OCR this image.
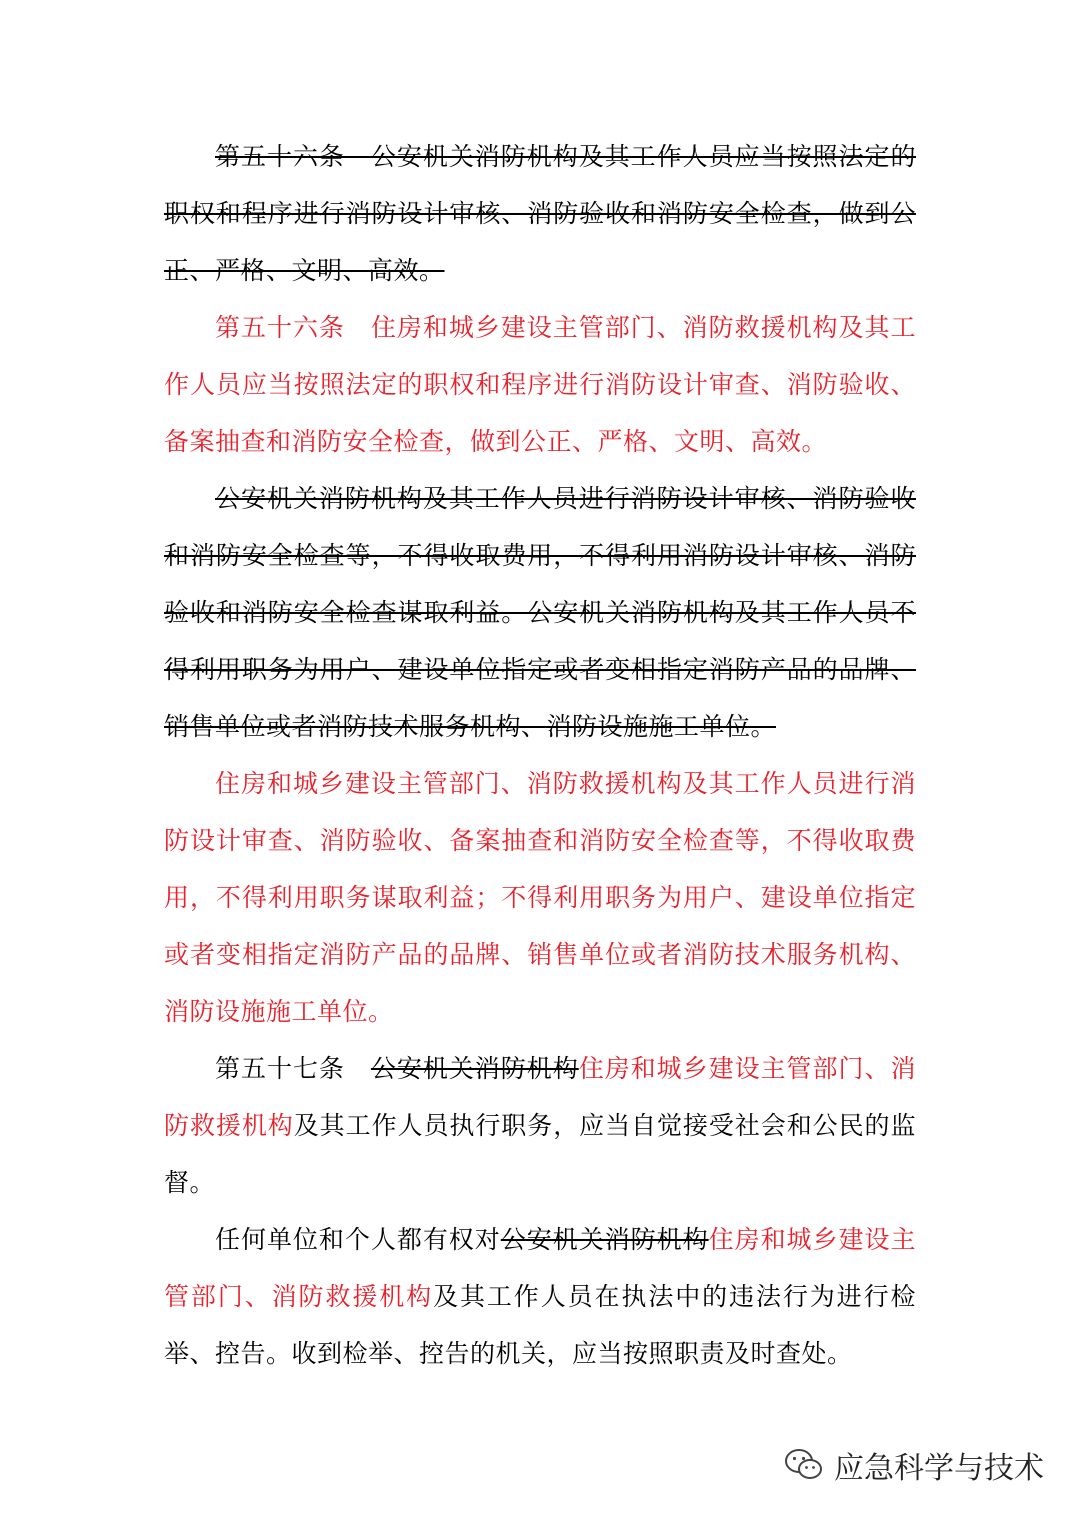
第五十六条　公安机关消防机构及其工作人员应当按照法定的职权和程序进行消防设计审核、消防验收和消防安全检查，做到公正、严格、文明、高效。

第五十六条　住房和城乡建设主管部门、消防救援机构及其工作人员应当按照法定的职权和程序进行消防设计审查、消防验收、备案抽查和消防安全检查，做到公正、严格、文明、高效。

公安机关消防机构及其工作人员进行消防设计审核、消防验收和消防安全检查等，不得收取费用，不得利用消防设计审核、消防验收和消防安全检查谋取利益。公安机关消防机构及其工作人员不得利用职务为用户、建设单位指定或者变相指定消防产品的品牌、销售单位或者消防技术服务机构、消防设施施工单位。

住房和城乡建设主管部门、消防救援机构及其工作人员进行消防设计审查、消防验收、备案抽查和消防安全检查等，不得收取费用，不得利用职务谋取利益；不得利用职务为用户、建设单位指定或者变相指定消防产品的品牌、销售单位或者消防技术服务机构、消防设施施工单位。

第五十七条　公安机关消防机构住房和城乡建设主管部门、消防救援机构及其工作人员执行职务，应当自觉接受社会和公民的监督。

任何单位和个人都有权对公安机关消防机构住房和城乡建设主管部门、消防救援机构及其工作人员在执法中的违法行为进行检举、控告。收到检举、控告的机关，应当按照职责及时查处。

应急科学与技术
